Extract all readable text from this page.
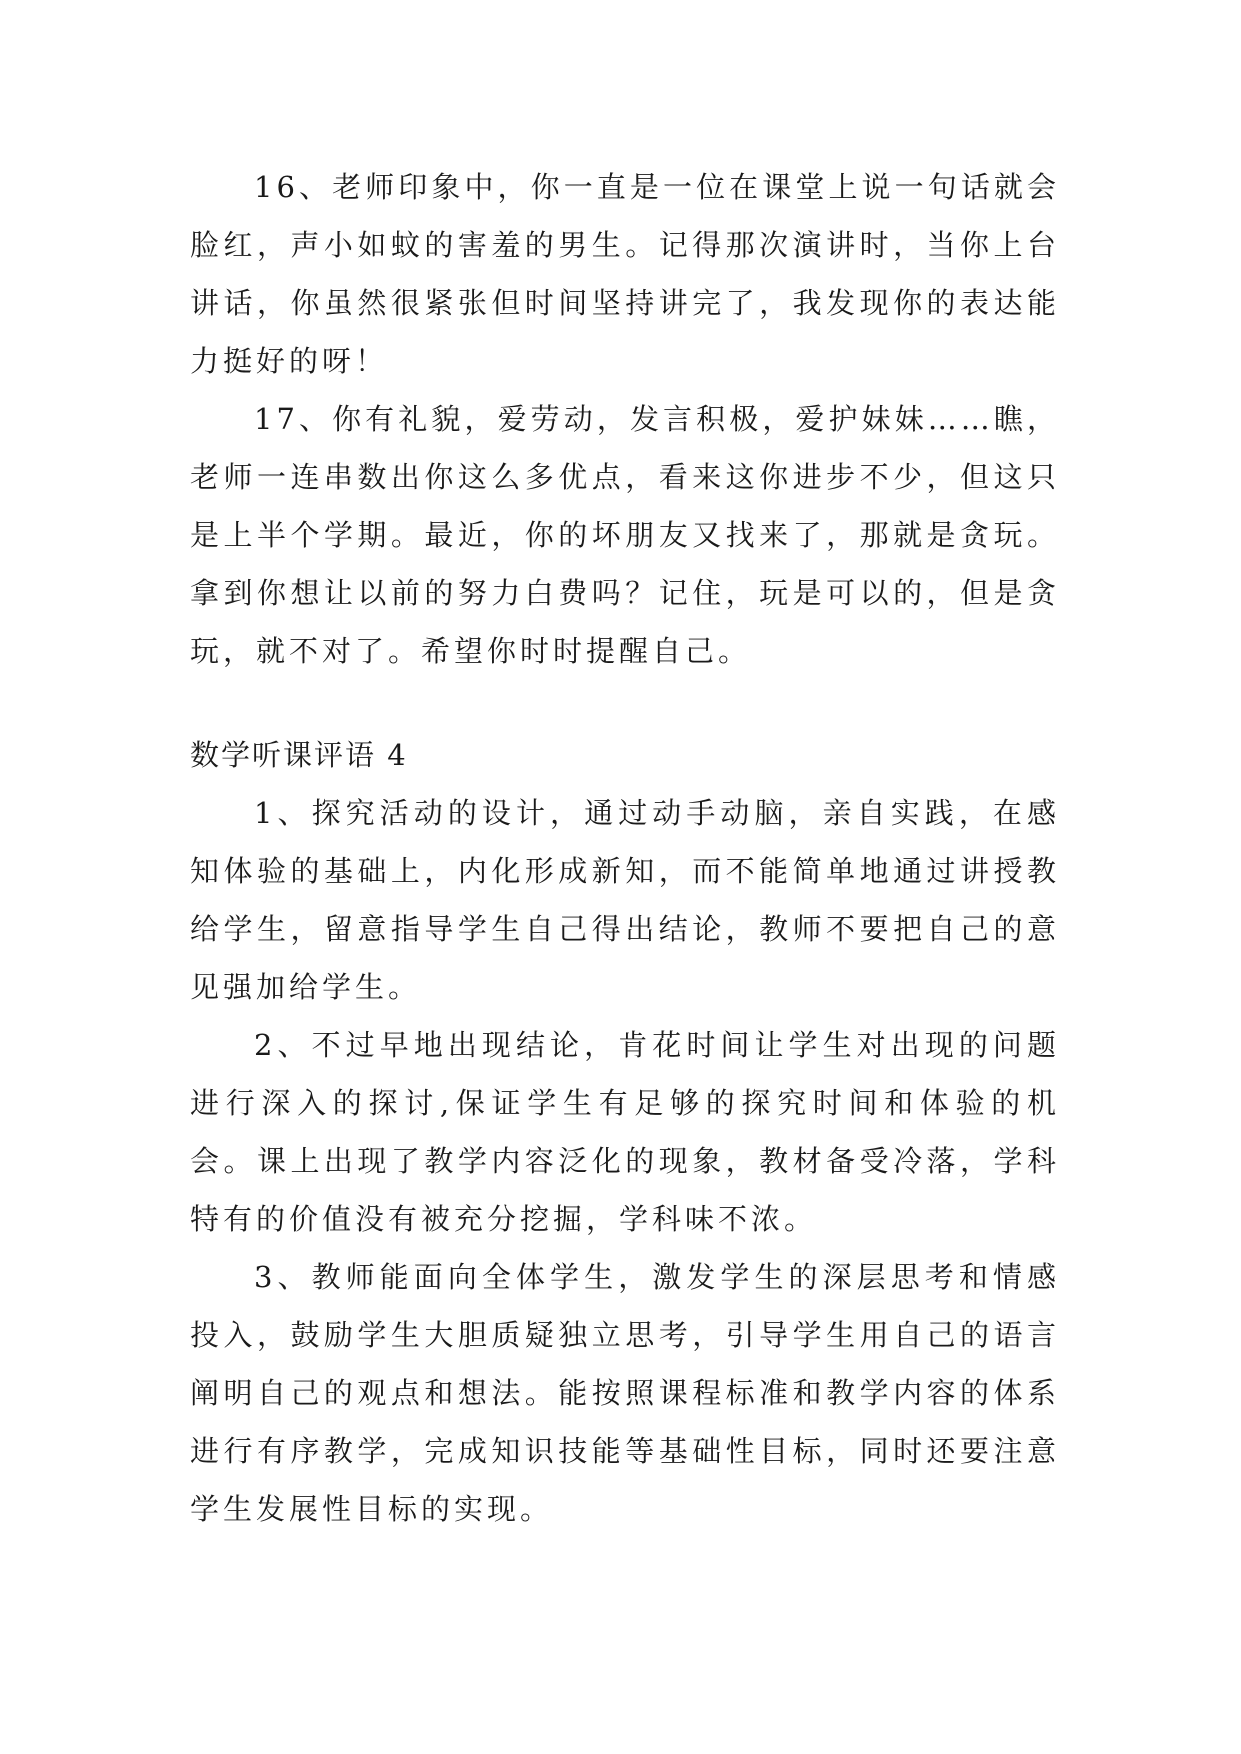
16、老师印象中，你一直是一位在课堂上说一句话就会脸红，声小如蚊的害羞的男生。记得那次演讲时，当你上台讲话，你虽然很紧张但时间坚持讲完了，我发现你的表达能力挺好的呀！

17、你有礼貌，爱劳动，发言积极，爱护妹妹……瞧，老师一连串数出你这么多优点，看来这你进步不少，但这只是上半个学期。最近，你的坏朋友又找来了，那就是贪玩。拿到你想让以前的努力白费吗？记住，玩是可以的，但是贪玩，就不对了。希望你时时提醒自己。

数学听课评语 4

1、探究活动的设计，通过动手动脑，亲自实践，在感知体验的基础上，内化形成新知，而不能简单地通过讲授教给学生，留意指导学生自己得出结论，教师不要把自己的意见强加给学生。

2、不过早地出现结论，肯花时间让学生对出现的问题进行深入的探讨,保证学生有足够的探究时间和体验的机会。课上出现了教学内容泛化的现象，教材备受冷落，学科特有的价值没有被充分挖掘，学科味不浓。

3、教师能面向全体学生，激发学生的深层思考和情感投入，鼓励学生大胆质疑独立思考，引导学生用自己的语言阐明自己的观点和想法。能按照课程标准和教学内容的体系进行有序教学，完成知识技能等基础性目标，同时还要注意学生发展性目标的实现。
